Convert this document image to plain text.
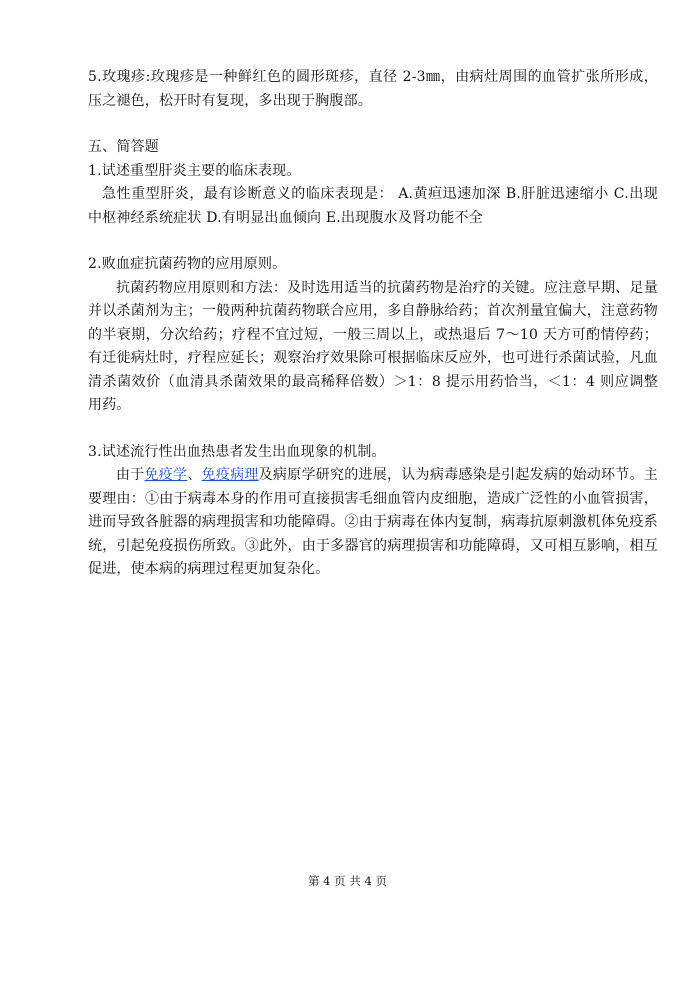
5.玫瑰疹:玫瑰疹是一种鲜红色的圆形斑疹，直径 2-3㎜，由病灶周围的血管扩张所形成，压之褪色，松开时有复现，多出现于胸腹部。

五、简答题

1.试述重型肝炎主要的临床表现。

急性重型肝炎，最有诊断意义的临床表现是： A.黄疸迅速加深 B.肝脏迅速缩小 C.出现中枢神经系统症状 D.有明显出血倾向 E.出现腹水及肾功能不全

2.败血症抗菌药物的应用原则。

抗菌药物应用原则和方法：及时选用适当的抗菌药物是治疗的关键。应注意早期、足量并以杀菌剂为主；一般两种抗菌药物联合应用，多自静脉给药；首次剂量宜偏大，注意药物的半衰期，分次给药；疗程不宜过短，一般三周以上，或热退后 7～10 天方可酌情停药；有迁徙病灶时，疗程应延长；观察治疗效果除可根据临床反应外，也可进行杀菌试验，凡血清杀菌效价（血清具杀菌效果的最高稀释倍数）＞1：8 提示用药恰当，＜1：4 则应调整用药。

3.试述流行性出血热患者发生出血现象的机制。

由于免疫学、免疫病理及病原学研究的进展，认为病毒感染是引起发病的始动环节。主要理由：①由于病毒本身的作用可直接损害毛细血管内皮细胞，造成广泛性的小血管损害，进而导致各脏器的病理损害和功能障碍。②由于病毒在体内复制，病毒抗原刺激机体免疫系统，引起免疫损伤所致。③此外，由于多器官的病理损害和功能障碍，又可相互影响，相互促进，使本病的病理过程更加复杂化。

第 4 页 共 4 页
